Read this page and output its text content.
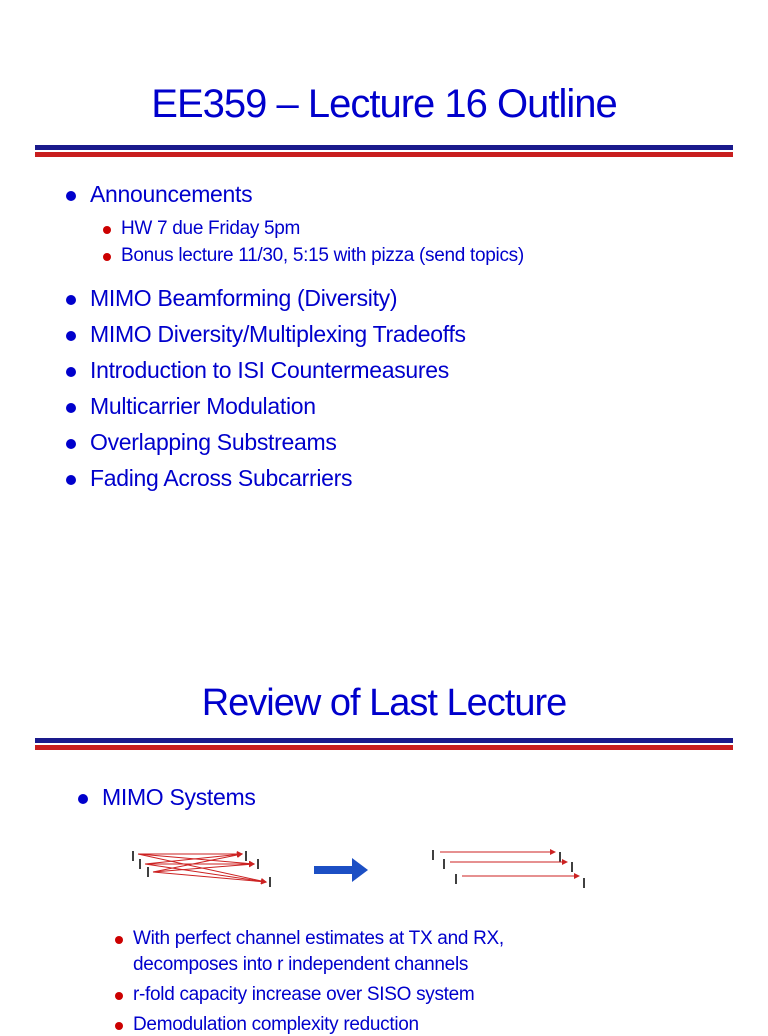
EE359 – Lecture 16 Outline
Announcements
HW 7 due Friday 5pm
Bonus lecture 11/30, 5:15 with pizza (send topics)
MIMO Beamforming (Diversity)
MIMO Diversity/Multiplexing Tradeoffs
Introduction to ISI Countermeasures
Multicarrier Modulation
Overlapping Substreams
Fading Across Subcarriers
Review of Last Lecture
MIMO Systems
With perfect channel estimates at TX and RX,
decomposes into r independent channels
r-fold capacity increase over SISO system
Demodulation complexity reduction
